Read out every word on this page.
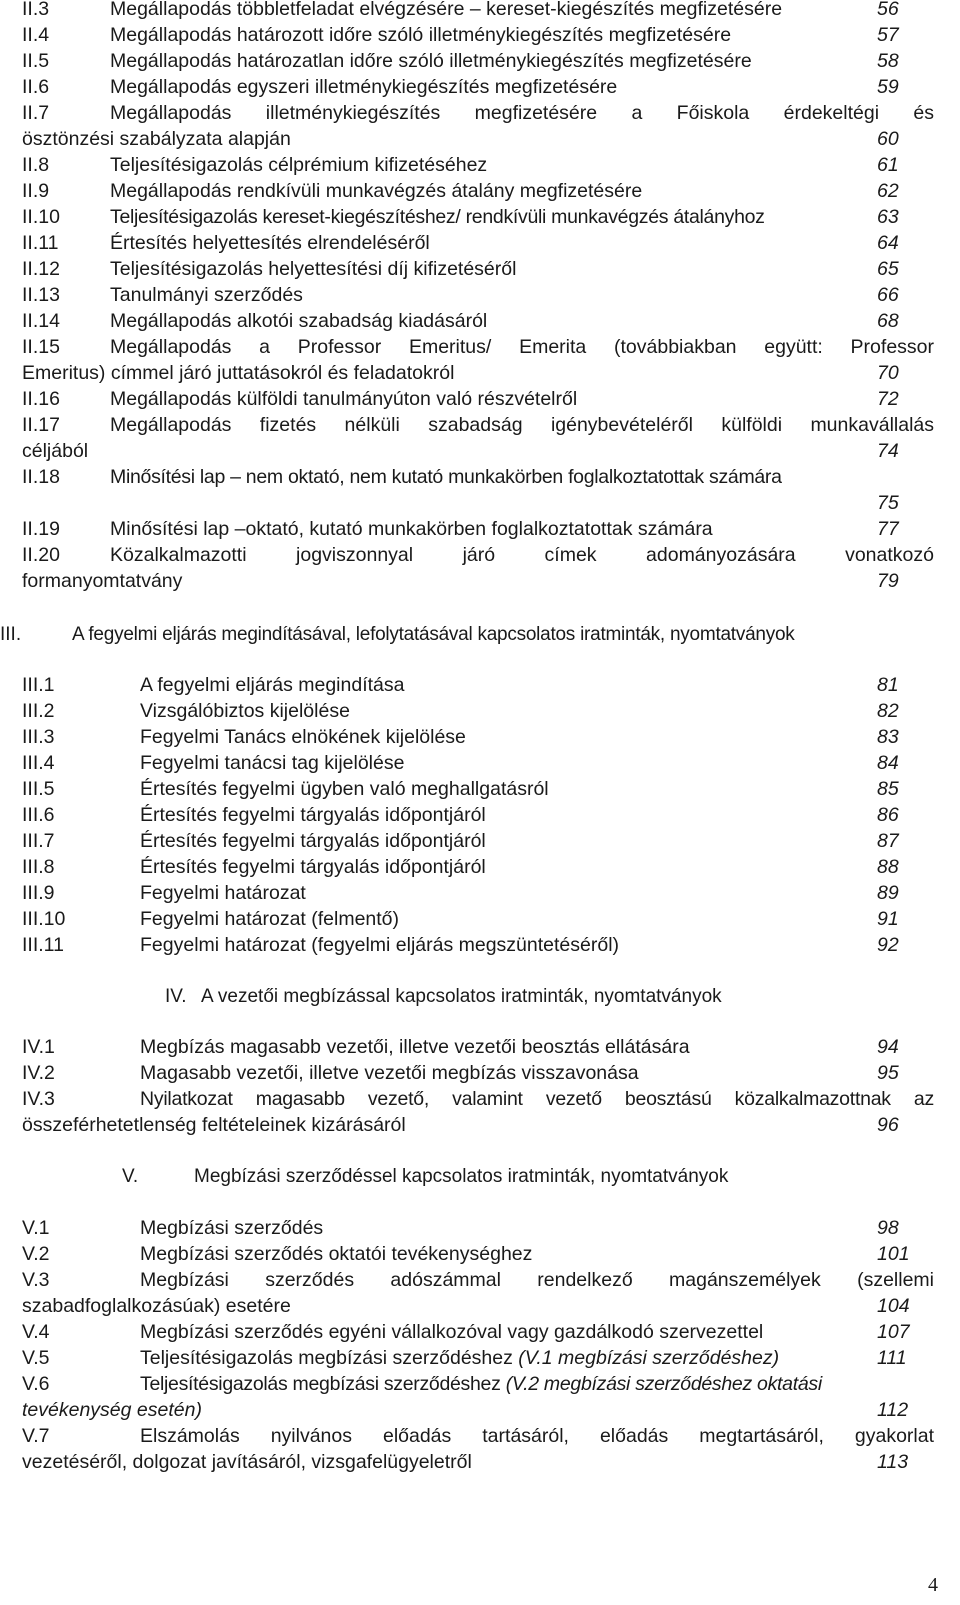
II.3	Megállapodás többletfeladat elvégzésére – kereset-kiegészítés megfizetésére	56
II.4	Megállapodás határozott időre szóló illetménykiegészítés megfizetésére	57
II.5	Megállapodás határozatlan időre szóló illetménykiegészítés megfizetésére	58
II.6	Megállapodás egyszeri illetménykiegészítés megfizetésére	59
II.7	Megállapodás illetménykiegészítés megfizetésére a Főiskola érdekeltégi és
ösztönzési szabályzata alapján	60
II.8	Teljesítésigazolás célprémium kifizetéséhez	61
II.9	Megállapodás rendkívüli munkavégzés átalány megfizetésére	62
II.10	Teljesítésigazolás kereset-kiegészítéshez/ rendkívüli munkavégzés átalányhoz	63
II.11	Értesítés helyettesítés elrendeléséről	64
II.12	Teljesítésigazolás helyettesítési díj kifizetéséről	65
II.13	Tanulmányi szerződés	66
II.14	Megállapodás alkotói szabadság kiadásáról	68
II.15	Megállapodás a Professor Emeritus/ Emerita (továbbiakban együtt: Professor
Emeritus) címmel járó juttatásokról és feladatokról	70
II.16	Megállapodás külföldi tanulmányúton való részvételről	72
II.17	Megállapodás fizetés nélküli szabadság igénybevételéről külföldi munkavállalás
céljából	74
II.18	Minősítési lap – nem oktató, nem kutató munkakörben foglalkoztatottak számára
75
II.19	Minősítési lap –oktató, kutató munkakörben foglalkoztatottak számára	77
II.20	Közalkalmazotti jogviszonnyal járó címek adományozására vonatkozó
formanyomtatvány	79
III.	A fegyelmi eljárás megindításával, lefolytatásával kapcsolatos iratminták, nyomtatványok
III.1	A fegyelmi eljárás megindítása	81
III.2	Vizsgálóbiztos kijelölése	82
III.3	Fegyelmi Tanács elnökének kijelölése	83
III.4	Fegyelmi tanácsi tag kijelölése	84
III.5	Értesítés fegyelmi ügyben való meghallgatásról	85
III.6	Értesítés fegyelmi tárgyalás időpontjáról	86
III.7	Értesítés fegyelmi tárgyalás időpontjáról	87
III.8	Értesítés fegyelmi tárgyalás időpontjáról	88
III.9	Fegyelmi határozat	89
III.10	Fegyelmi határozat (felmentő)	91
III.11	Fegyelmi határozat (fegyelmi eljárás megszüntetéséről)	92
IV. A vezetői megbízással kapcsolatos iratminták, nyomtatványok
IV.1	Megbízás magasabb vezetői, illetve vezetői beosztás ellátására	94
IV.2	Magasabb vezetői, illetve vezetői megbízás visszavonása	95
IV.3	Nyilatkozat magasabb vezető, valamint vezető beosztású közalkalmazottnak az
összeférhetetlenség feltételeinek kizárásáról	96
V.	Megbízási szerződéssel kapcsolatos iratminták, nyomtatványok
V.1	Megbízási szerződés	98
V.2	Megbízási szerződés oktatói tevékenységhez	101
V.3	Megbízási szerződés adószámmal rendelkező magánszemélyek (szellemi
szabadfoglalkozásúak) esetére	104
V.4	Megbízási szerződés egyéni vállalkozóval vagy gazdálkodó szervezettel	107
V.5	Teljesítésigazolás megbízási szerződéshez (V.1 megbízási szerződéshez)	111
V.6	Teljesítésigazolás megbízási szerződéshez (V.2 megbízási szerződéshez oktatási
tevékenység esetén)	112
V.7	Elszámolás nyilvános előadás tartásáról, előadás megtartásáról, gyakorlat
vezetéséről, dolgozat javításáról, vizsgafelügyeletről	113
4
